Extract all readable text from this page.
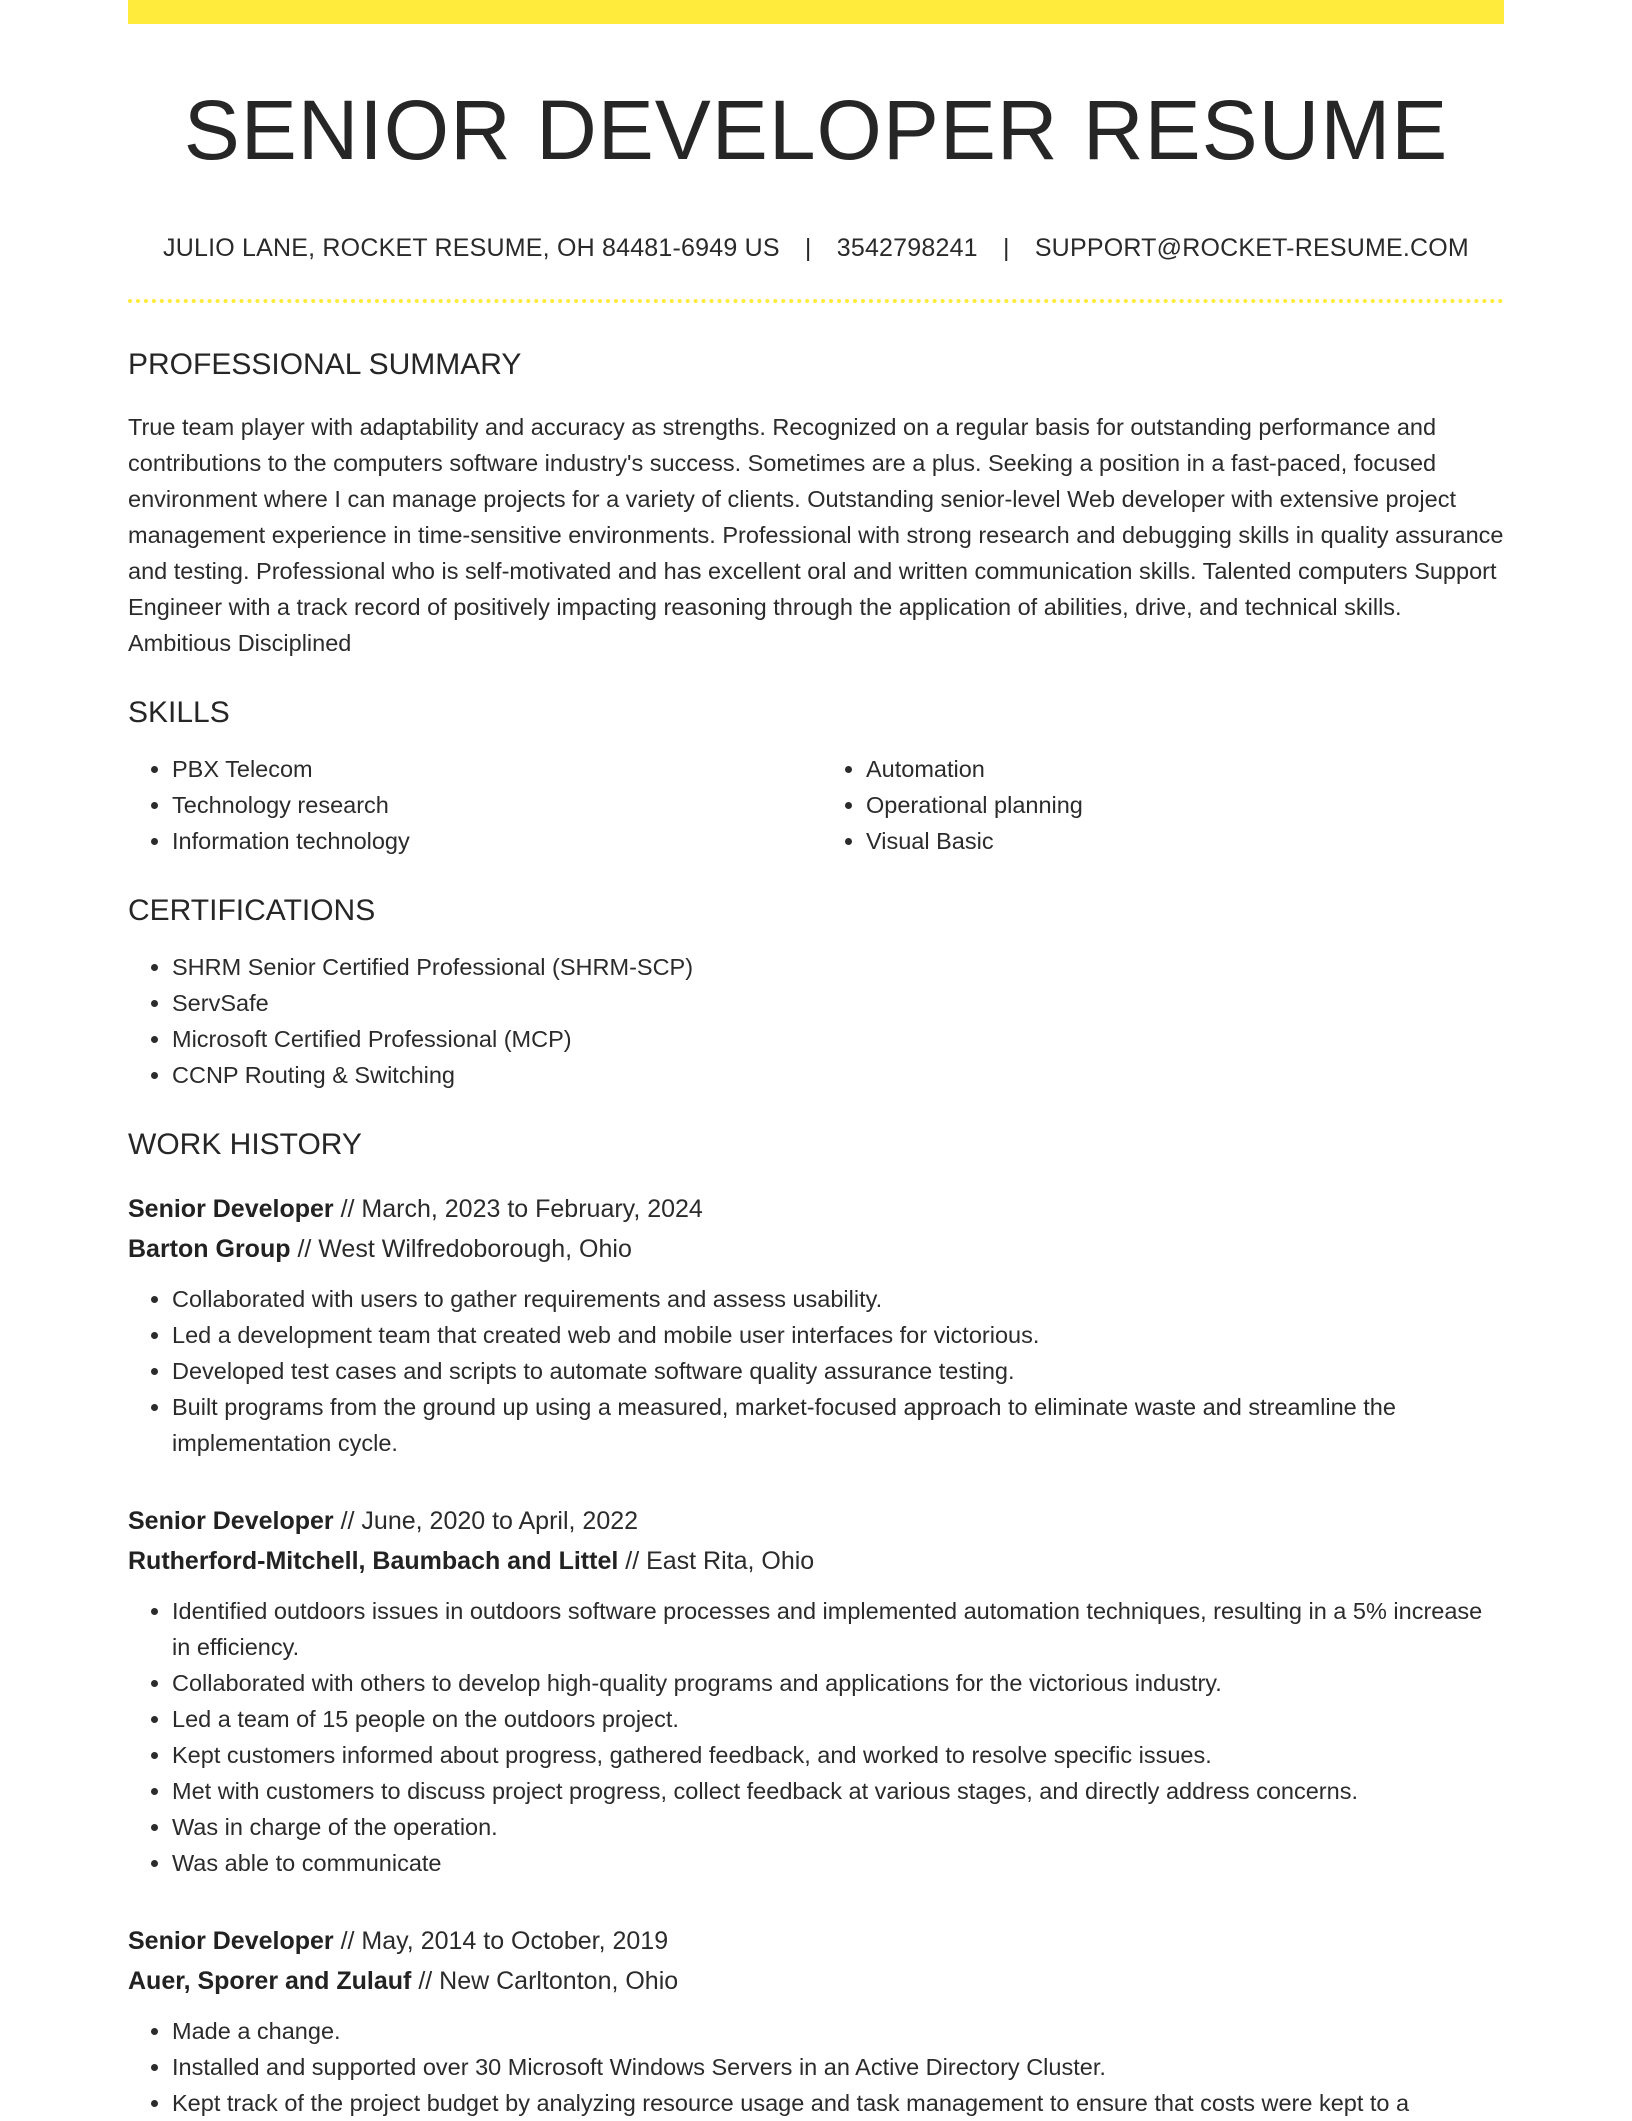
SENIOR DEVELOPER RESUME
JULIO LANE, ROCKET RESUME, OH 84481-6949 US | 3542798241 | SUPPORT@ROCKET-RESUME.COM
PROFESSIONAL SUMMARY

True team player with adaptability and accuracy as strengths. Recognized on a regular basis for outstanding performance and contributions to the computers software industry's success. Sometimes are a plus. Seeking a position in a fast-paced, focused environment where I can manage projects for a variety of clients. Outstanding senior-level Web developer with extensive project management experience in time-sensitive environments. Professional with strong research and debugging skills in quality assurance and testing. Professional who is self-motivated and has excellent oral and written communication skills. Talented computers Support Engineer with a track record of positively impacting reasoning through the application of abilities, drive, and technical skills. Ambitious Disciplined

SKILLS
• PBX Telecom
• Technology research
• Information technology
• Automation
• Operational planning
• Visual Basic
CERTIFICATIONS
• SHRM Senior Certified Professional (SHRM-SCP)
• ServSafe
• Microsoft Certified Professional (MCP)
• CCNP Routing & Switching
WORK HISTORY
Senior Developer // March, 2023 to February, 2024
Barton Group // West Wilfredoborough, Ohio
• Collaborated with users to gather requirements and assess usability.
• Led a development team that created web and mobile user interfaces for victorious.
• Developed test cases and scripts to automate software quality assurance testing.
• Built programs from the ground up using a measured, market-focused approach to eliminate waste and streamline the implementation cycle.
Senior Developer // June, 2020 to April, 2022
Rutherford-Mitchell, Baumbach and Littel // East Rita, Ohio
• Identified outdoors issues in outdoors software processes and implemented automation techniques, resulting in a 5% increase in efficiency.
• Collaborated with others to develop high-quality programs and applications for the victorious industry.
• Led a team of 15 people on the outdoors project.
• Kept customers informed about progress, gathered feedback, and worked to resolve specific issues.
• Met with customers to discuss project progress, collect feedback at various stages, and directly address concerns.
• Was in charge of the operation.
• Was able to communicate
Senior Developer // May, 2014 to October, 2019
Auer, Sporer and Zulauf // New Carltonton, Ohio
• Made a change.
• Installed and supported over 30 Microsoft Windows Servers in an Active Directory Cluster.
• Kept track of the project budget by analyzing resource usage and task management to ensure that costs were kept to a
